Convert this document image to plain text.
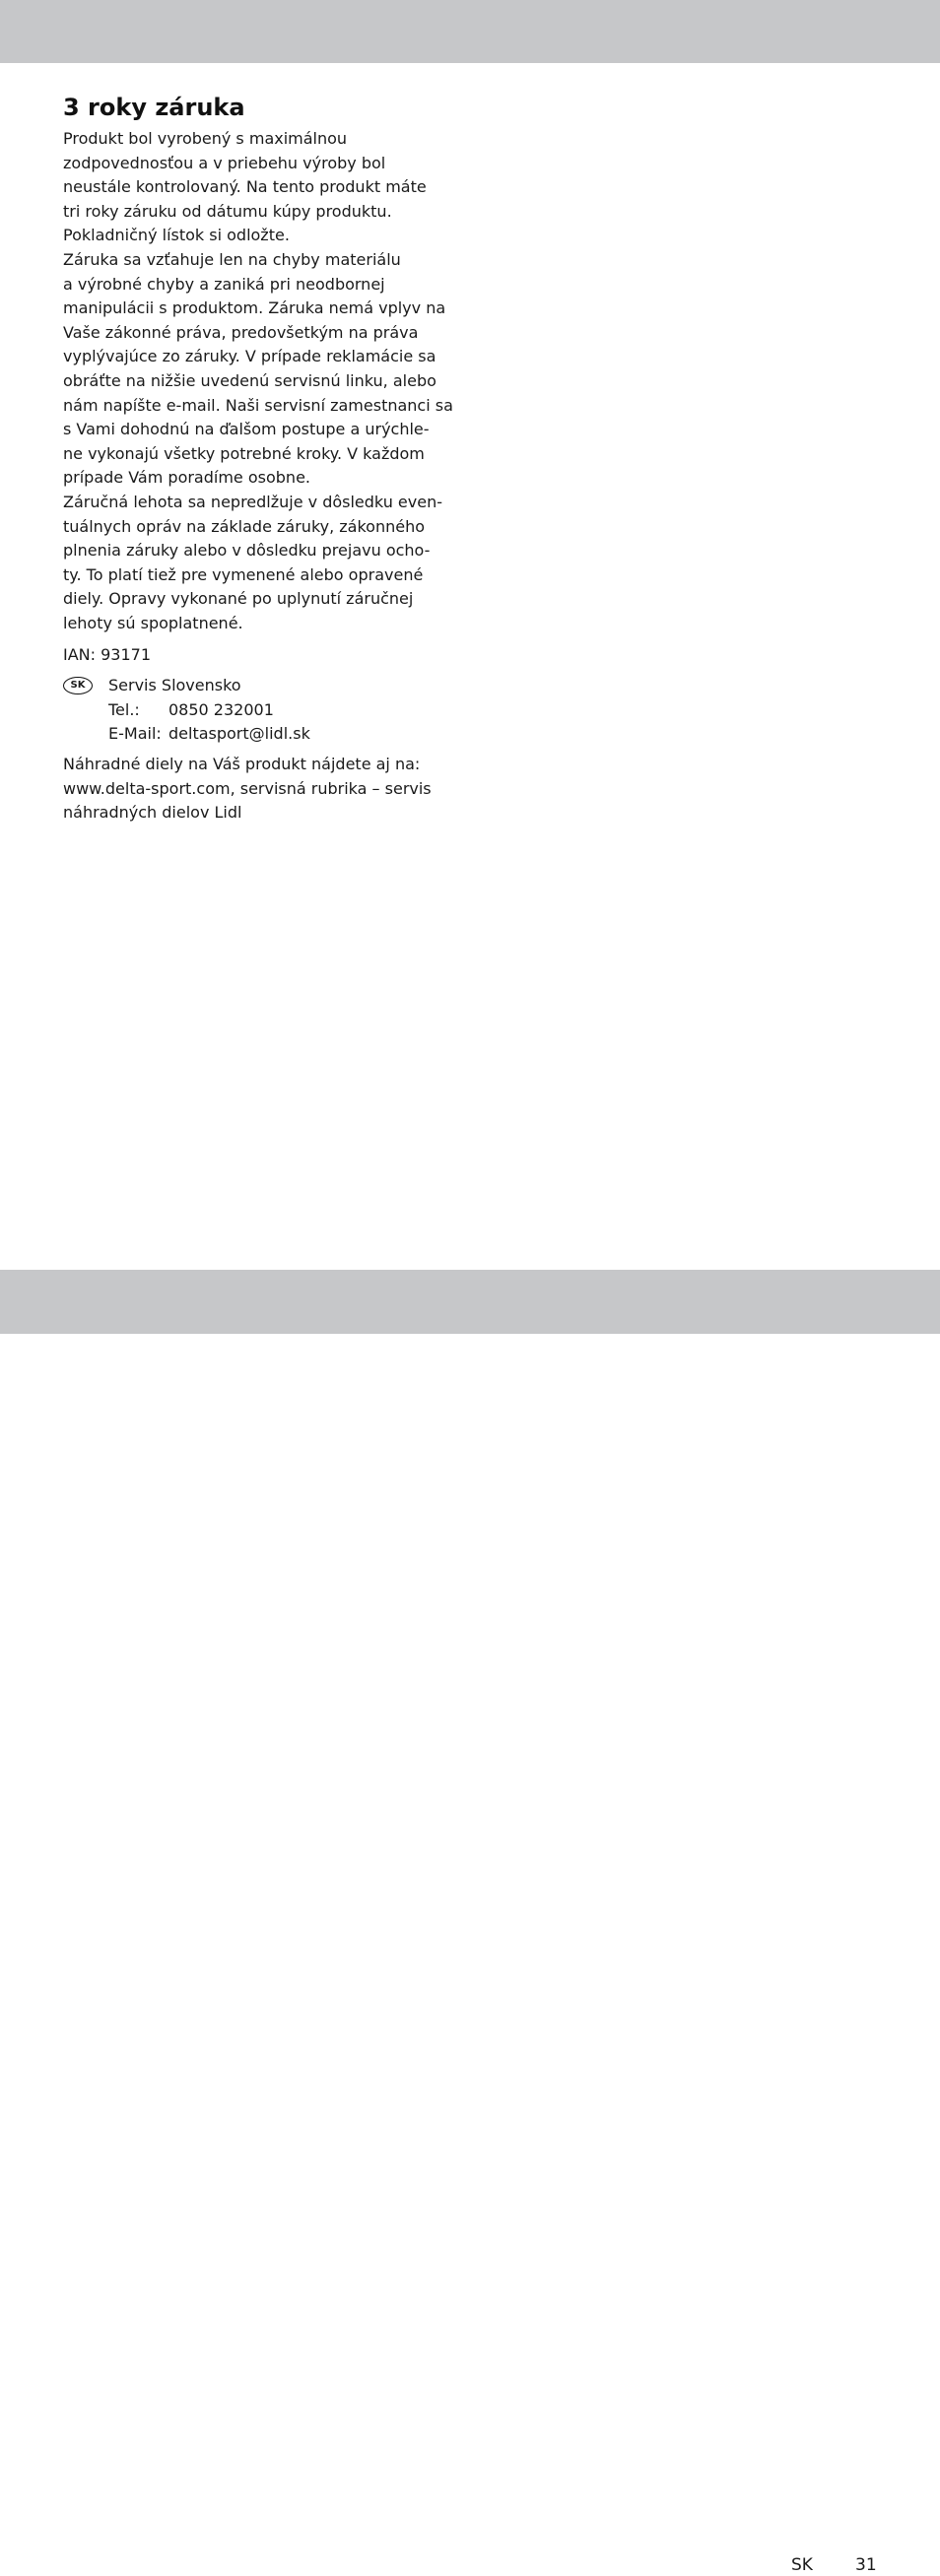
3 roky záruka

Produkt bol vyrobený s maximálnou
zodpovednosťou a v priebehu výroby bol
neustále kontrolovaný. Na tento produkt máte
tri roky záruku od dátumu kúpy produktu.
Pokladničný lístok si odložte.

Záruka sa vzťahuje len na chyby materiálu
a výrobné chyby a zaniká pri neodbornej
manipulácii s produktom. Záruka nemá vplyv na
Vaše zákonné práva, predovšetkým na práva
vyplývajúce zo záruky. V prípade reklamácie sa
obráťte na nižšie uvedenú servisnú linku, alebo
nám napíšte e-mail. Naši servisní zamestnanci sa
s Vami dohodnú na ďalšom postupe a urýchle-
ne vykonajú všetky potrebné kroky. V každom
prípade Vám poradíme osobne.

Záručná lehota sa nepredlžuje v dôsledku even-
tuálnych opráv na základe záruky, zákonného
plnenia záruky alebo v dôsledku prejavu ocho-
ty. To platí tiež pre vymenené alebo opravené
diely. Opravy vykonané po uplynutí záručnej
lehoty sú spoplatnené.

IAN: 93171

SK	Servis Slovensko
Tel.: 0850 232001
E-Mail: deltasport@lidl.sk

Náhradné diely na Váš produkt nájdete aj na:
www.delta-sport.com, servisná rubrika – servis
náhradných dielov Lidl

SK	31
